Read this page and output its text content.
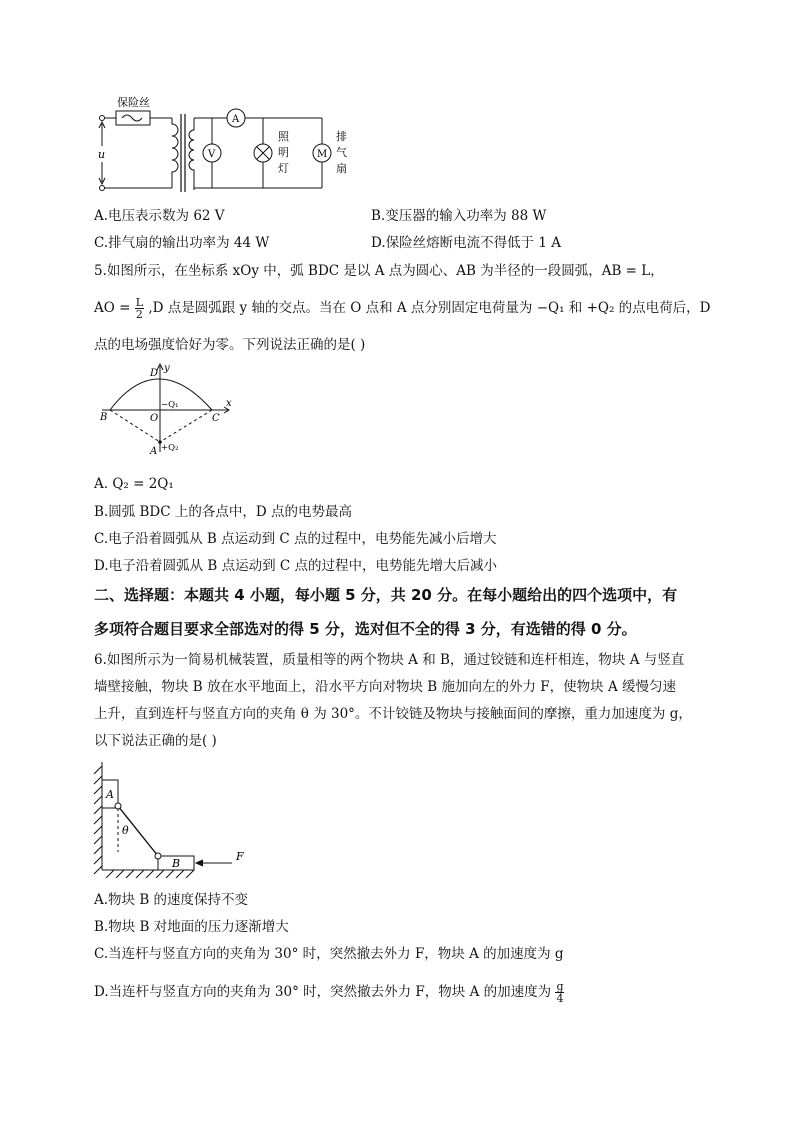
保险丝
u
A
V	M
照
明
灯
排
气
扇
A.电压表示数为 62 V	B.变压器的输入功率为 88 W
C.排气扇的输出功率为 44 W	D.保险丝熔断电流不得低于 1 A
5.如图所示，在坐标系 xOy 中，弧 BDC 是以 A 点为圆心、AB 为半径的一段圆弧，AB = L，
AO = $\frac{L}{2} ,D$ 点是圆弧跟 y 轴的交点。当在 O 点和 A 点分别固定电荷量为 −Q₁ 和 +Q₂ 的点电荷后，D
点的电场强度恰好为零。下列说法正确的是( )
D y
x
B	O	C
A
−Q₁
+Q₂
A. Q₂ = 2Q₁
B.圆弧 BDC 上的各点中，D 点的电势最高
C.电子沿着圆弧从 B 点运动到 C 点的过程中，电势能先减小后增大
D.电子沿着圆弧从 B 点运动到 C 点的过程中，电势能先增大后减小
二、选择题：本题共 4 小题，每小题 5 分，共 20 分。在每小题给出的四个选项中，有
多项符合题目要求全部选对的得 5 分，选对但不全的得 3 分，有选错的得 0 分。
6.如图所示为一简易机械装置，质量相等的两个物块 A 和 B，通过铰链和连杆相连，物块 A 与竖直
墙壁接触，物块 B 放在水平地面上，沿水平方向对物块 B 施加向左的外力 F，使物块 A 缓慢匀速
上升，直到连杆与竖直方向的夹角 θ 为 30°。不计铰链及物块与接触面间的摩擦，重力加速度为 g，
以下说法正确的是( )
A
B
θ
F
A.物块 B 的速度保持不变
B.物块 B 对地面的压力逐渐增大
C.当连杆与竖直方向的夹角为 30° 时，突然撤去外力 F，物块 A 的加速度为 g
D.当连杆与竖直方向的夹角为 30° 时，突然撤去外力 F，物块 A 的加速度为 $\frac{g}{4}$
